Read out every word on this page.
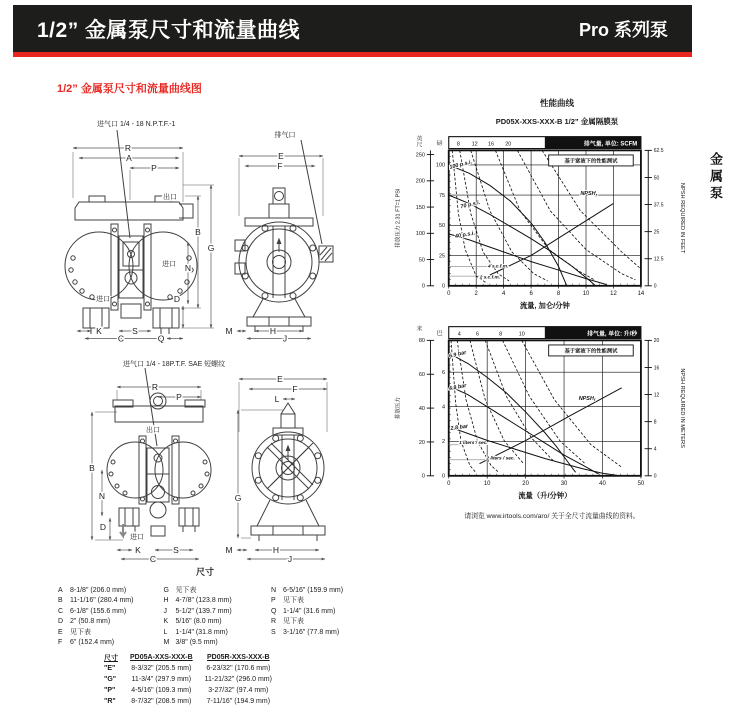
1/2” 金属泵尺寸和流量曲线	Pro 系列泵
1/2” 金属泵尺寸和流量曲线图
金属泵
进气口 1/4 - 18 N.P.T.F.-1
排气口
R
A
P
E
F
出口
B
G
进口 N
D
进口
K	S
C	Q
M	H
J
进气口 1/4 - 18P.T.F. SAE 短螺纹
R
P
E
F
L
出口
B
N
D
G
进口
K	S
C
M	H
J
尺寸
A	8-1/8" (206.0 mm)
B	11-1/16" (280.4 mm)
C 6-1/8" (155.6 mm)
D 2" (50.8 mm)
E	见下表
F	6" (152.4 mm)
G 见下表
H 4-7/8" (123.8 mm)
J	5-1/2" (139.7 mm)
K	5/16" (8.0 mm)
L	1-1/4" (31.8 mm)
M 3/8" (9.5 mm)
N 6-5/16" (159.9 mm)
P	见下表
Q 1-1/4" (31.6 mm)
R 见下表
S	3-1/16" (77.8 mm)
尺寸	PD05A-XXS-XXX-B	PD05R-XXS-XXX-B
"E"	8-3/32" (205.5 mm)	6-23/32" (170.6 mm)
"G"	11-3/4" (297.9 mm)	11-21/32" (296.0 mm)
"P"	4-5/16" (109.3 mm)	3-27/32" (97.4 mm)
"R"	8-7/32" (208.5 mm)	7-11/16" (194.9 mm)
性能曲线
PD05X-XXS-XXX-B 1/2” 金属隔膜泵
8 12 16 20	排气量, 单位: SCFM
基于富液下的性能测试
100 p.s.i.
70 p.s.i.
40 p.s.i.
$NPSH_r$
4 s.c.f.m.
2 s.c.f.m.
0
50
100
150
200
250
英尺
0
25
50
75
100
磅
0
12.5
25
37.5
50
62.5
NPSH REQUIRED IN FEET
排放压力 2.31 FT=1 PSI
0	2	4	6	8	10	12	14
流量, 加仑/分钟
4	6	8	10	排气量, 单位: 升/秒
基于富液下的性能测试
6.9 bar
4.8 bar
2.8 bar
$NPSH_r$
1 liters / sec.
2 liters / sec.
0
20
40
60
80
米
0
2
4
6
巴
0
4
8
12
16
20
NPSH REQUIRED IN METERS
排放压力
0	10	20	30	40	50
流量（升/分钟）
请浏览 www.irtools.com/aro/ 关于全尺寸流量曲线的资料。
